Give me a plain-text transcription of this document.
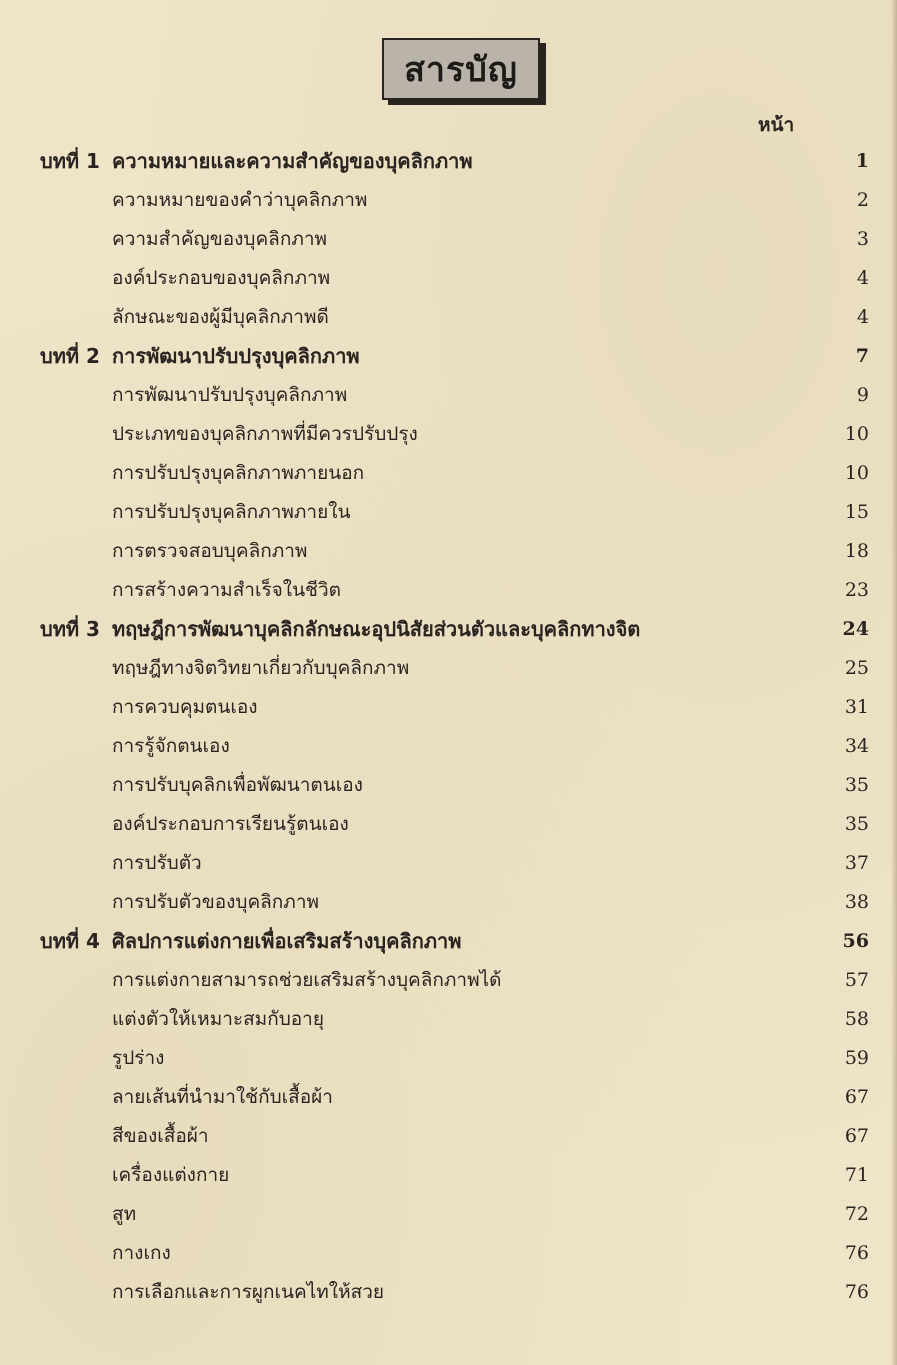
สารบัญ
หน้า
บทที่ 1 ความหมายและความสำคัญของบุคลิกภาพ	1
ความหมายของคำว่าบุคลิกภาพ	2
ความสำคัญของบุคลิกภาพ	3
องค์ประกอบของบุคลิกภาพ	4
ลักษณะของผู้มีบุคลิกภาพดี	4
บทที่ 2 การพัฒนาปรับปรุงบุคลิกภาพ	7
การพัฒนาปรับปรุงบุคลิกภาพ	9
ประเภทของบุคลิกภาพที่มีควรปรับปรุง	10
การปรับปรุงบุคลิกภาพภายนอก	10
การปรับปรุงบุคลิกภาพภายใน	15
การตรวจสอบบุคลิกภาพ	18
การสร้างความสำเร็จในชีวิต	23
บทที่ 3 ทฤษฎีการพัฒนาบุคลิกลักษณะอุปนิสัยส่วนตัวและบุคลิกทางจิต	24
ทฤษฎีทางจิตวิทยาเกี่ยวกับบุคลิกภาพ	25
การควบคุมตนเอง	31
การรู้จักตนเอง	34
การปรับบุคลิกเพื่อพัฒนาตนเอง	35
องค์ประกอบการเรียนรู้ตนเอง	35
การปรับตัว	37
การปรับตัวของบุคลิกภาพ	38
บทที่ 4 ศิลปการแต่งกายเพื่อเสริมสร้างบุคลิกภาพ	56
การแต่งกายสามารถช่วยเสริมสร้างบุคลิกภาพได้	57
แต่งตัวให้เหมาะสมกับอายุ	58
รูปร่าง	59
ลายเส้นที่นำมาใช้กับเสื้อผ้า	67
สีของเสื้อผ้า	67
เครื่องแต่งกาย	71
สูท	72
กางเกง	76
การเลือกและการผูกเนคไทให้สวย	76
